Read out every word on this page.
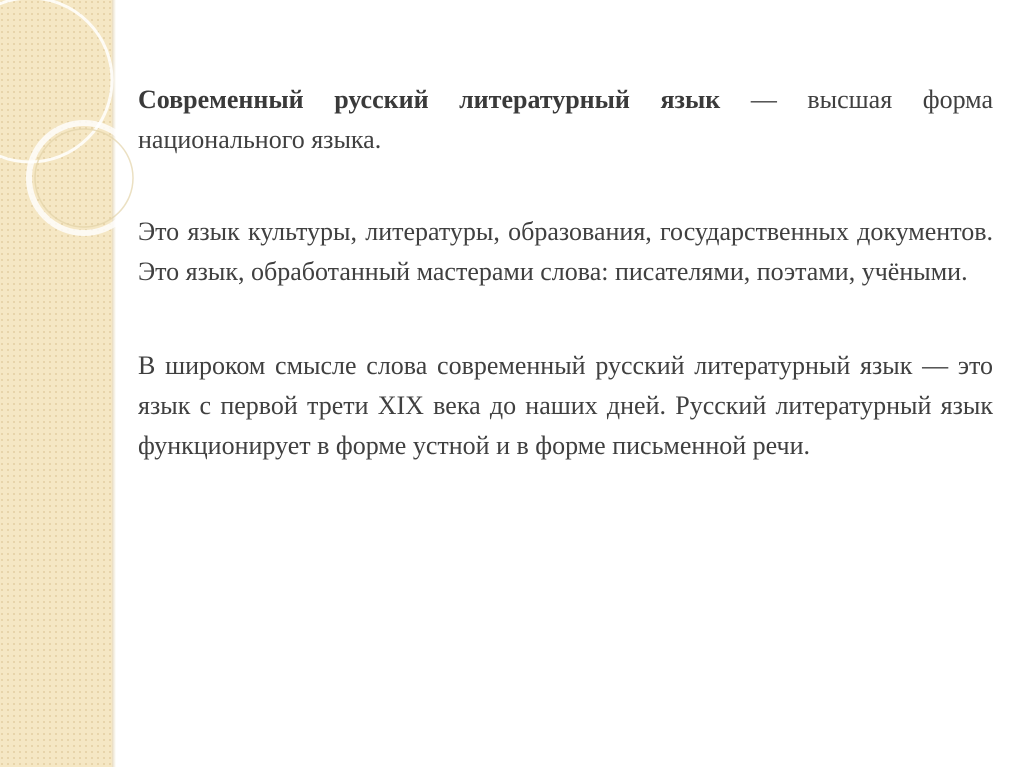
Современный русский литературный язык — высшая форма национального языка.

Это язык культуры, литературы, образования, государственных документов. Это язык, обработанный мастерами слова: писателями, поэтами, учёными.

В широком смысле слова современный русский литературный язык — это язык с первой трети XIX века до наших дней. Русский литературный язык функционирует в форме устной и в форме письменной речи.
